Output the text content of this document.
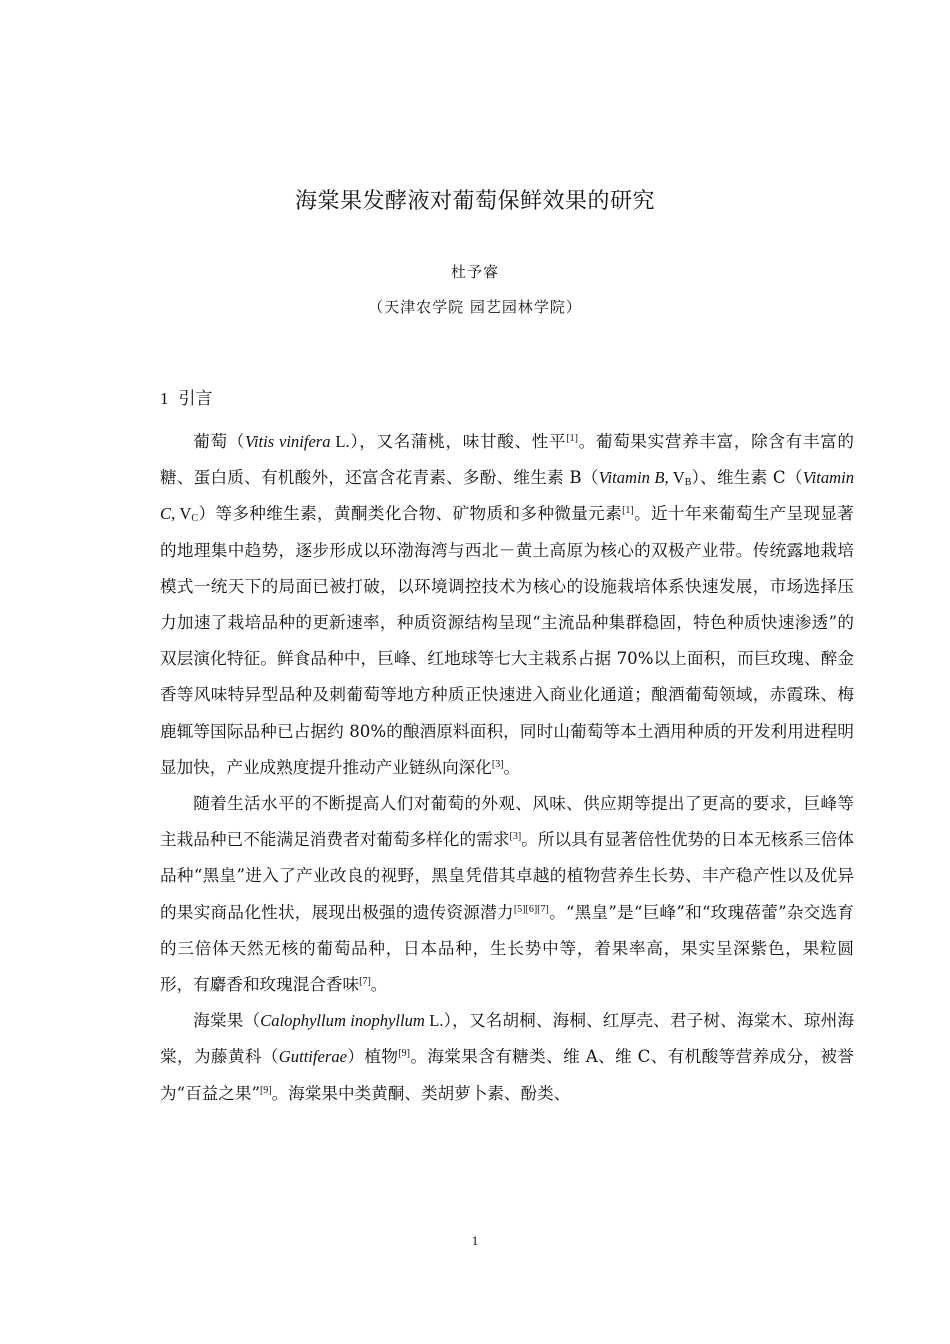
海棠果发酵液对葡萄保鲜效果的研究
杜予睿
（天津农学院 园艺园林学院）
1 引言

葡萄（Vitis vinifera L.），又名蒲桃，味甘酸、性平[1]。葡萄果实营养丰富，除含有丰富的糖、蛋白质、有机酸外，还富含花青素、多酚、维生素 B（Vitamin B, $V_B$）、维生素 C（Vitamin C, $V_C$）等多种维生素，黄酮类化合物、矿物质和多种微量元素[1]。近十年来葡萄生产呈现显著的地理集中趋势，逐步形成以环渤海湾与西北－黄土高原为核心的双极产业带。传统露地栽培模式一统天下的局面已被打破，以环境调控技术为核心的设施栽培体系快速发展，市场选择压力加速了栽培品种的更新速率，种质资源结构呈现“主流品种集群稳固，特色种质快速渗透”的双层演化特征。鲜食品种中，巨峰、红地球等七大主栽系占据 70%以上面积，而巨玫瑰、醉金香等风味特异型品种及刺葡萄等地方种质正快速进入商业化通道；酿酒葡萄领域，赤霞珠、梅鹿辄等国际品种已占据约 80%的酿酒原料面积，同时山葡萄等本土酒用种质的开发利用进程明显加快，产业成熟度提升推动产业链纵向深化[3]。

随着生活水平的不断提高人们对葡萄的外观、风味、供应期等提出了更高的要求，巨峰等主栽品种已不能满足消费者对葡萄多样化的需求[3]。所以具有显著倍性优势的日本无核系三倍体品种“黑皇”进入了产业改良的视野，黑皇凭借其卓越的植物营养生长势、丰产稳产性以及优异的果实商品化性状，展现出极强的遗传资源潜力[5][6][7]。“黑皇”是“巨峰”和“玫瑰蓓蕾”杂交选育的三倍体天然无核的葡萄品种，日本品种，生长势中等，着果率高，果实呈深紫色，果粒圆形，有麝香和玫瑰混合香味[7]。

海棠果（Calophyllum inophyllum L.），又名胡桐、海桐、红厚壳、君子树、海棠木、琼州海棠，为藤黄科（Guttiferae）植物[9]。海棠果含有糖类、维 A、维 C、有机酸等营养成分，被誉为“百益之果”[9]。海棠果中类黄酮、类胡萝卜素、酚类、

1
